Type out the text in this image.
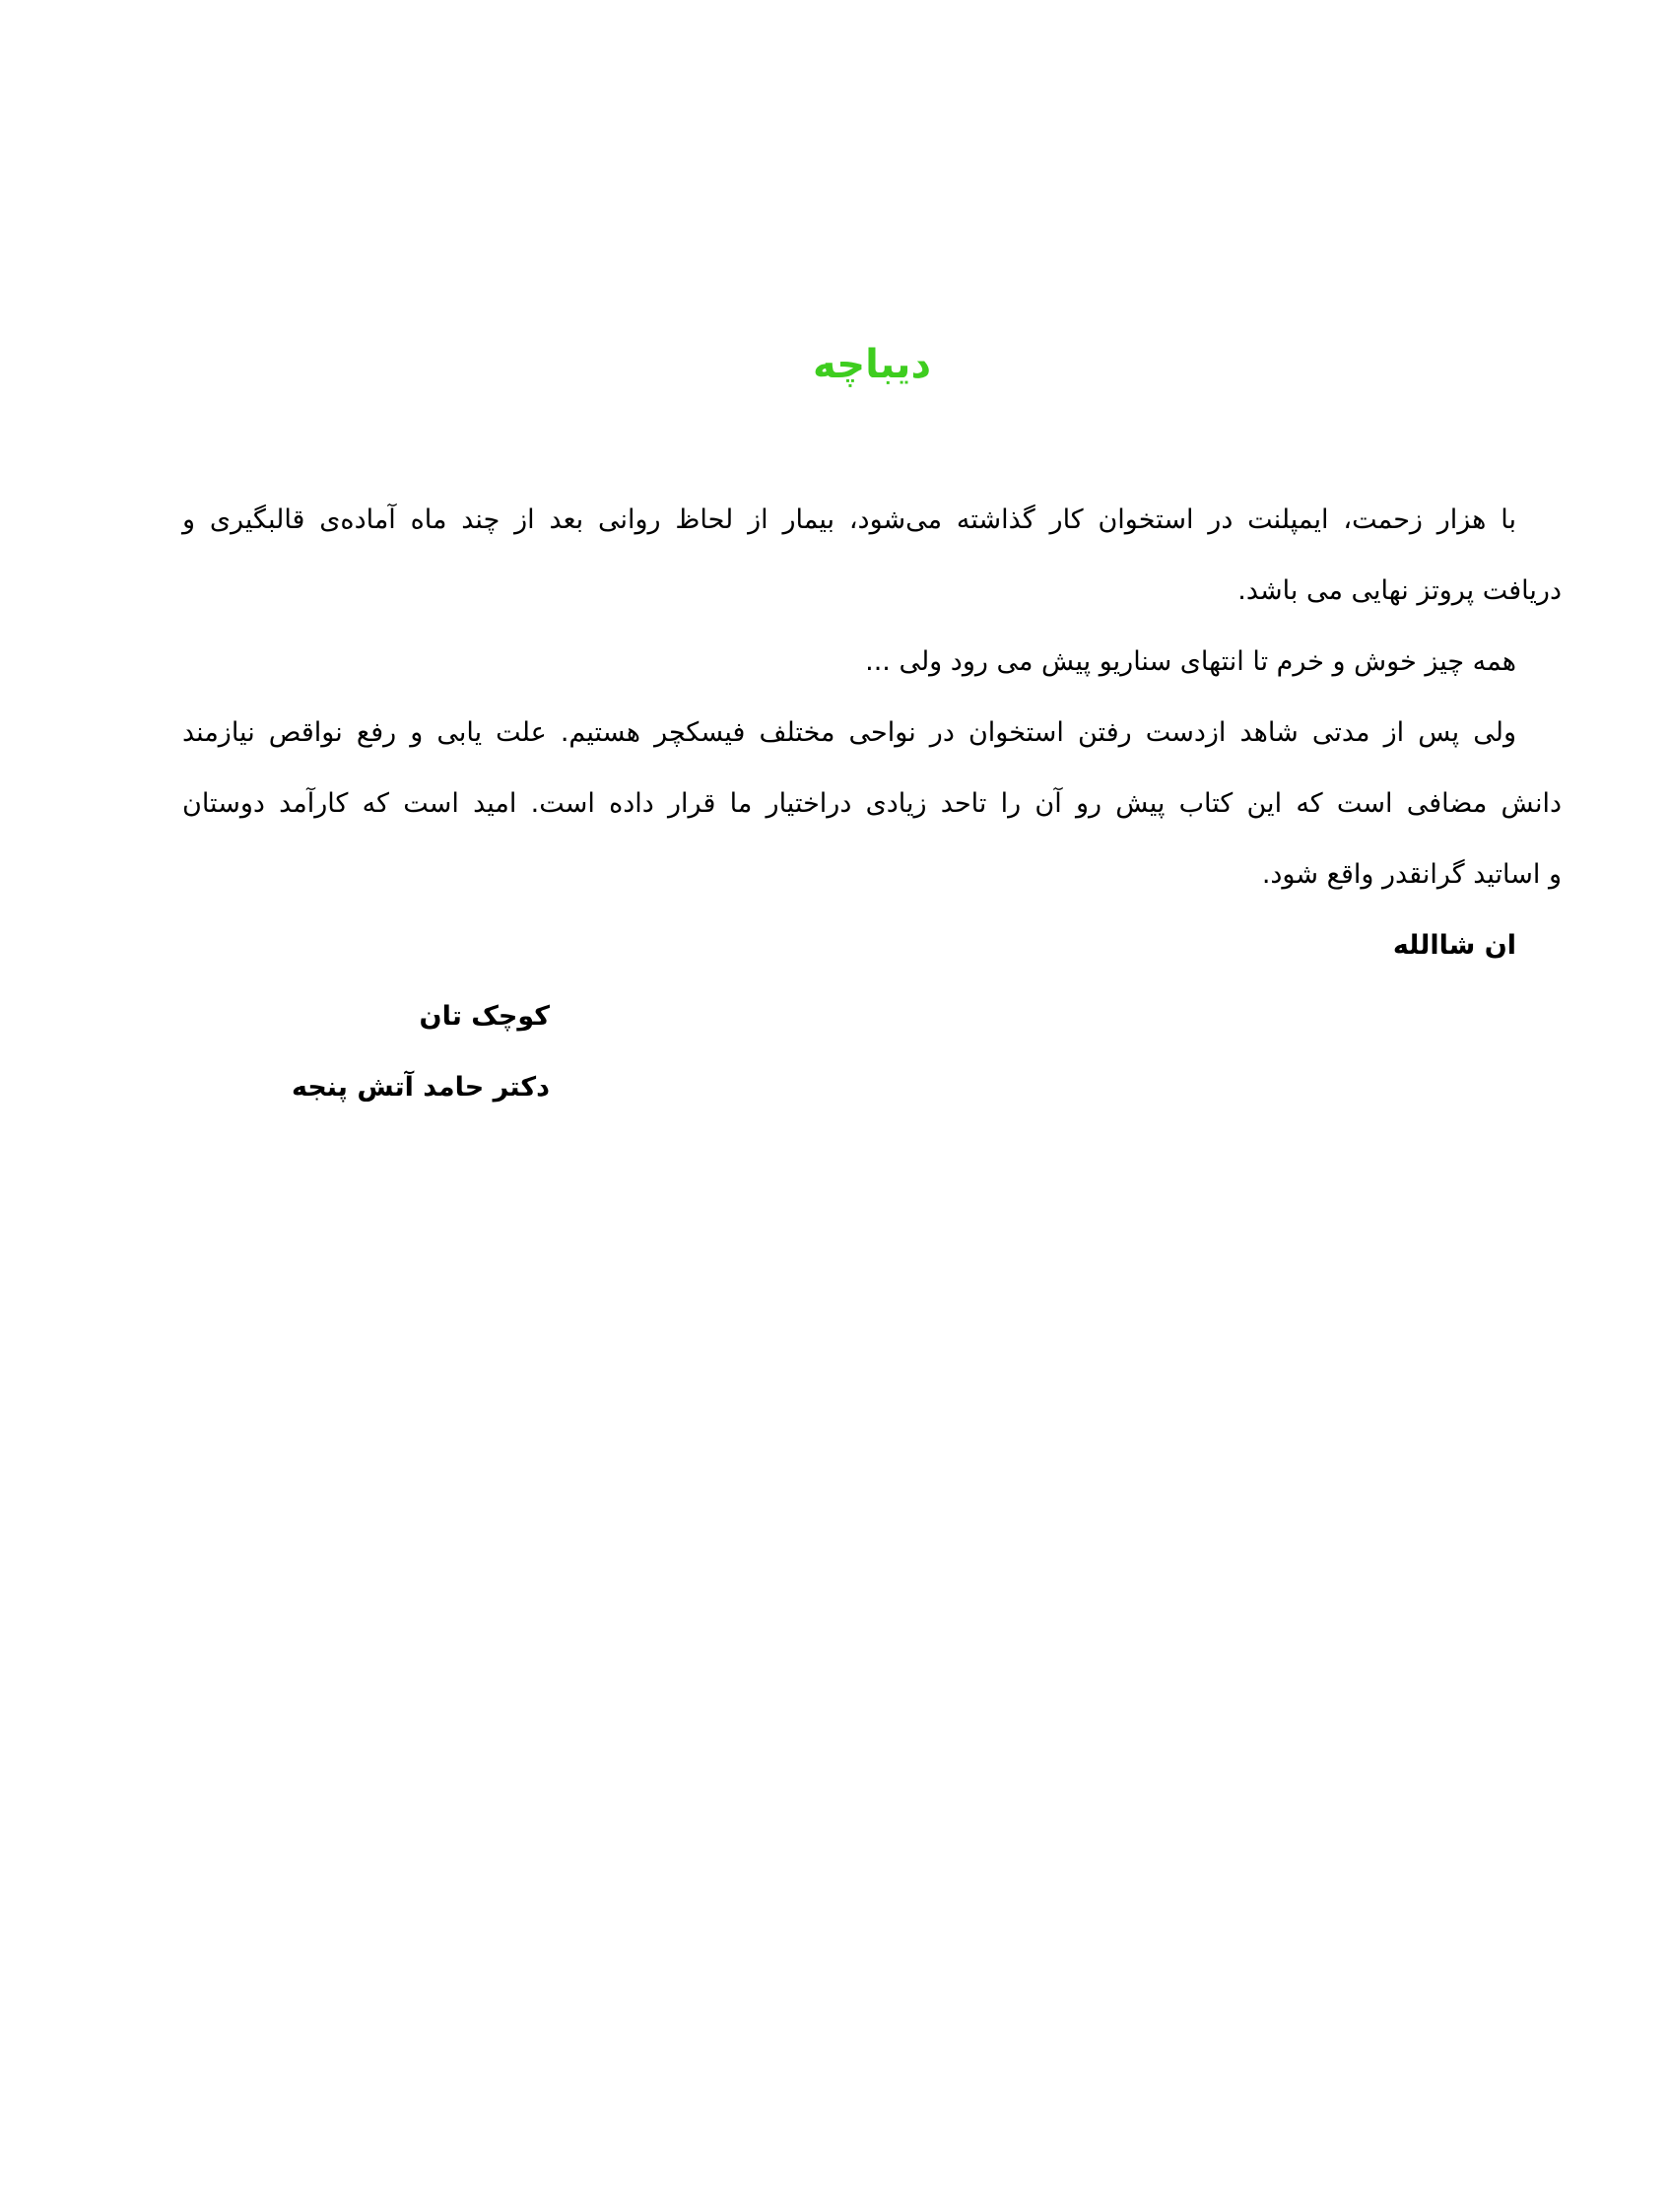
دیباچه
با هزار زحمت، ایمپلنت در استخوان کار گذاشته می‌شود، بیمار از لحاظ روانی بعد از چند ماه آماده‌ی قالبگیری و
دریافت پروتز نهایی می باشد.
همه چیز خوش و خرم تا انتهای سناریو پیش می رود ولی ...
ولی پس از مدتی شاهد ازدست رفتن استخوان در نواحی مختلف فیسکچر هستیم. علت یابی و رفع نواقص نیازمند
دانش مضافی است که این کتاب پیش رو آن را تاحد زیادی دراختیار ما قرار داده است. امید است که کارآمد دوستان
و اساتید گرانقدر واقع شود.
ان شاالله
کوچک تان
دکتر حامد آتش پنجه
